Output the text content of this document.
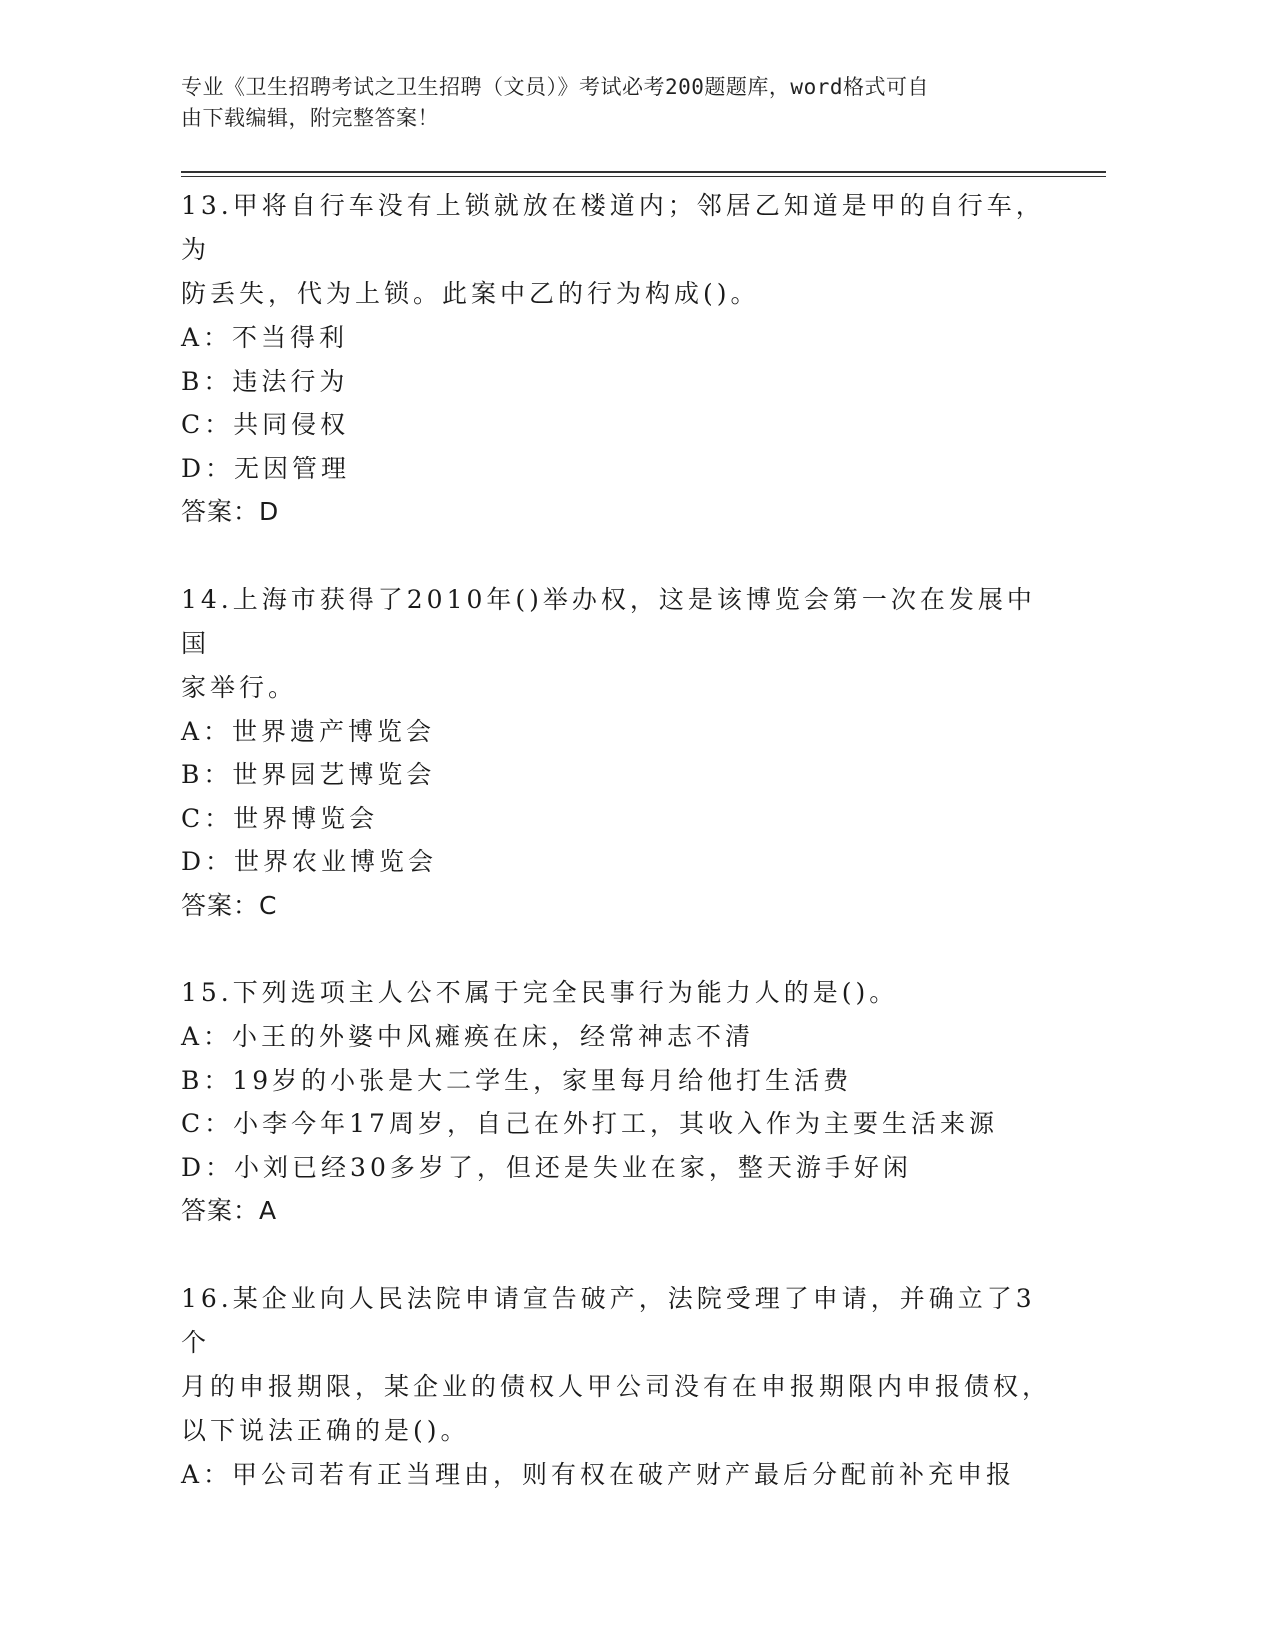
专业《卫生招聘考试之卫生招聘（文员）》考试必考200题题库，word格式可自
由下载编辑，附完整答案！
13.甲将自行车没有上锁就放在楼道内；邻居乙知道是甲的自行车，为
防丢失，代为上锁。此案中乙的行为构成()。
A：不当得利
B：违法行为
C：共同侵权
D：无因管理
答案：D
14.上海市获得了2010年()举办权，这是该博览会第一次在发展中国
家举行。
A：世界遗产博览会
B：世界园艺博览会
C：世界博览会
D：世界农业博览会
答案：C
15.下列选项主人公不属于完全民事行为能力人的是()。
A：小王的外婆中风瘫痪在床，经常神志不清
B：19岁的小张是大二学生，家里每月给他打生活费
C：小李今年17周岁，自己在外打工，其收入作为主要生活来源
D：小刘已经30多岁了，但还是失业在家，整天游手好闲
答案：A
16.某企业向人民法院申请宣告破产，法院受理了申请，并确立了3个
月的申报期限，某企业的债权人甲公司没有在申报期限内申报债权，
以下说法正确的是()。
A：甲公司若有正当理由，则有权在破产财产最后分配前补充申报
